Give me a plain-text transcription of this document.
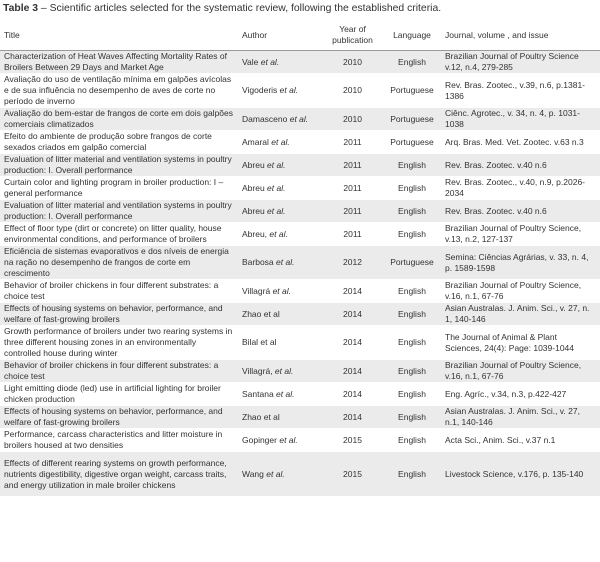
Table 3 – Scientific articles selected for the systematic review, following the established criteria.
Title	Author	Year of publication	Language	Journal, volume , and issue
Characterization of Heat Waves Affecting Mortality Rates of Broilers Between 29 Days and Market Age	Vale et al.	2010	English	Brazilian Journal of Poultry Science v.12, n.4, 279-285
Avaliação do uso de ventilação mínima em galpões avícolas e de sua influência no desempenho de aves de corte no período de inverno	Vigoderis et al.	2010	Portuguese	Rev. Bras. Zootec., v.39, n.6, p.1381-1386
Avaliação do bem-estar de frangos de corte em dois galpões comerciais climatizados	Damasceno et al.	2010	Portuguese	Ciênc. Agrotec., v. 34, n. 4, p. 1031-1038
Efeito do ambiente de produção sobre frangos de corte sexados criados em galpão comercial	Amaral et al.	2011	Portuguese	Arq. Bras. Med. Vet. Zootec. v.63 n.3
Evaluation of litter material and ventilation systems in poultry production: I. Overall performance	Abreu et al.	2011	English	Rev. Bras. Zootec. v.40 n.6
Curtain color and lighting program in broiler production: I – general performance	Abreu et al.	2011	English	Rev. Bras. Zootec., v.40, n.9, p.2026-2034
Evaluation of litter material and ventilation systems in poultry production: I. Overall performance	Abreu et al.	2011	English	Rev. Bras. Zootec. v.40 n.6
Effect of floor type (dirt or concrete) on litter quality, house environmental conditions, and performance of broilers	Abreu, et al.	2011	English	Brazilian Journal of Poultry Science, v.13, n.2, 127-137
Eficiência de sistemas evaporativos e dos níveis de energia na ração no desempenho de frangos de corte em crescimento	Barbosa et al.	2012	Portuguese	Semina: Ciências Agrárias, v. 33, n. 4, p. 1589-1598
Behavior of broiler chickens in four different substrates: a choice test	Villagrá et al.	2014	English	Brazilian Journal of Poultry Science, v.16, n.1, 67-76
Effects of housing systems on behavior, performance, and welfare of fast-growing broilers	Zhao et al	2014	English	Asian Australas. J. Anim. Sci., v. 27, n. 1, 140-146
Growth performance of broilers under two rearing systems in three different housing zones in an environmentally controlled house during winter	Bilal et al	2014	English	The Journal of Animal & Plant Sciences, 24(4): Page: 1039-1044
Behavior of broiler chickens in four different substrates: a choice test	Villagrá, et al.	2014	English	Brazilian Journal of Poultry Science, v.16, n.1, 67-76
Light emitting diode (led) use in artificial lighting for broiler chicken production	Santana et al.	2014	English	Eng. Agríc., v.34, n.3, p.422-427
Effects of housing systems on behavior, performance, and welfare of fast-growing broilers	Zhao et al	2014	English	Asian Australas. J. Anim. Sci., v. 27, n.1, 140-146
Performance, carcass characteristics and litter moisture in broilers housed at two densities	Gopinger et al.	2015	English	Acta Sci., Anim. Sci., v.37 n.1
Effects of different rearing systems on growth performance, nutrients digestibility, digestive organ weight, carcass traits, and energy utilization in male broiler chickens	Wang et al.	2015	English	Livestock Science, v.176, p. 135-140
